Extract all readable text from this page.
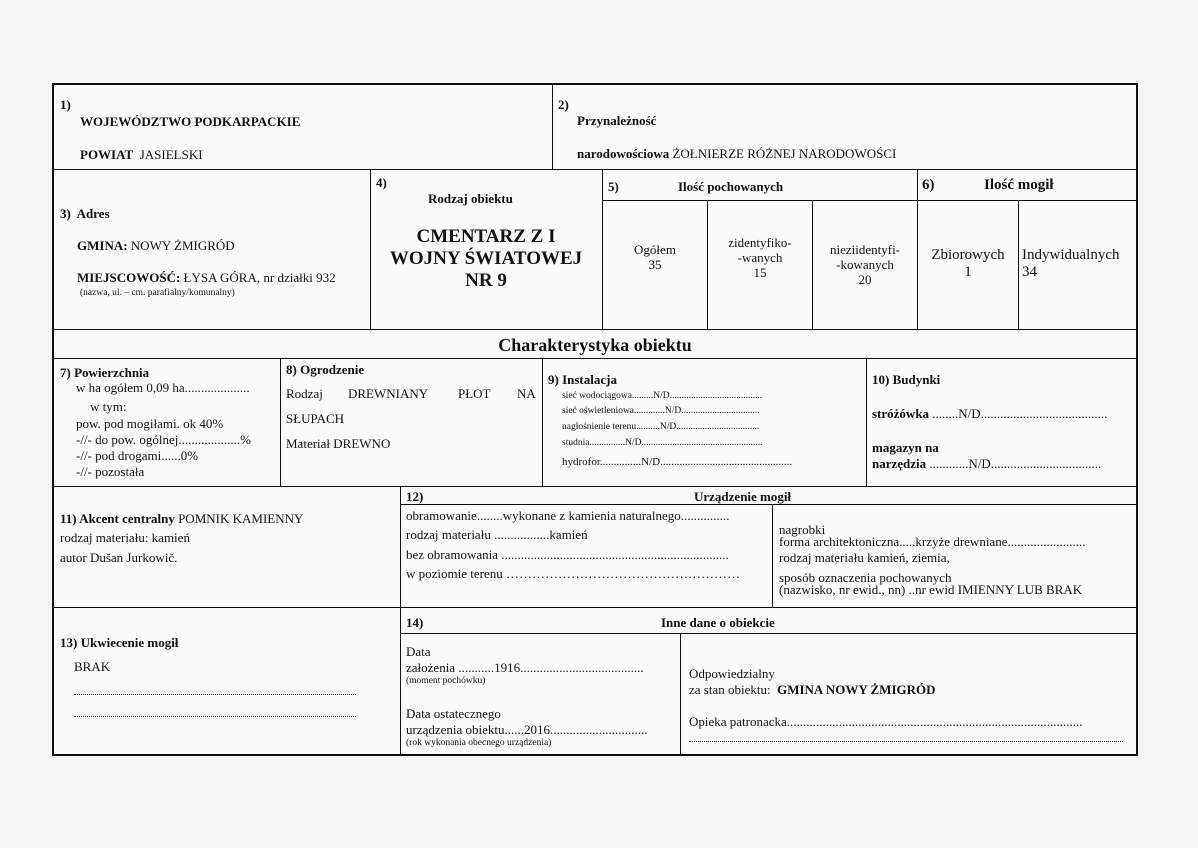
1)
WOJEWÓDZTWO PODKARPACKIE
POWIAT JASIELSKI
2)
Przynależność
narodowościowa ŻOŁNIERZE RÓŻNEJ NARODOWOŚCI
3) Adres
GMINA: NOWY ŻMIGRÓD
MIEJSCOWOŚĆ: ŁYSA GÓRA, nr działki 932
(nazwa, ul. – cm. parafialny/komunalny)
4)
Rodzaj obiektu
CMENTARZ Z I
WOJNY ŚWIATOWEJ
NR 9
5)	Ilość pochowanych
Ogółem
35
zidentyfiko-
-wanych
15
nieziidentyfi-
-kowanych
20
6)	Ilość mogił
Zbiorowych
1
Indywidualnych
34
Charakterystyka obiektu
7) Powierzchnia
w ha ogółem 0,09 ha....................
w tym:
pow. pod mogiłami. ok 40%
-//- do pow. ogólnej...................%
-//- pod drogami......0%
-//- pozostała
8) Ogrodzenie
Rodzaj DREWNIANY PŁOT NA
SŁUPACH
Materiał DREWNO
9) Instalacja
sieć wodociągowa.........N/D.......................................
sieć oświetleniowa.............N/D.................................
nagłośnienie terenu..........N/D...................................
studnia...............N/D...................................................
hydrofor...............N/D................................................
10) Budynki
stróżówka ........N/D.......................................
magazyn na
narzędzia ............N/D..................................
11) Akcent centralny POMNIK KAMIENNY
rodzaj materiału: kamień
autor Dušan Jurkowič.
12)	Urządzenie mogił
obramowanie........wykonane z kamienia naturalnego...............
rodzaj materiału .................kamień
bez obramowania ......................................................................
w poziomie terenu ………………………………………………
nagrobki
forma architektoniczna.....krzyże drewniane........................
rodzaj materiału kamień, ziemia,
sposób oznaczenia pochowanych
(nazwisko, nr ewid., nn) ..nr ewid IMIENNY LUB BRAK
13) Ukwiecenie mogił
BRAK
14)	Inne dane o obiekcie
Data
założenia ...........1916......................................
(moment pochówku)
Data ostatecznego
urządzenia obiektu......2016..............................
(rok wykonania obecnego urządzenia)
Odpowiedzialny
za stan obiektu: GMINA NOWY ŻMIGRÓD
Opieka patronacka...........................................................................................
